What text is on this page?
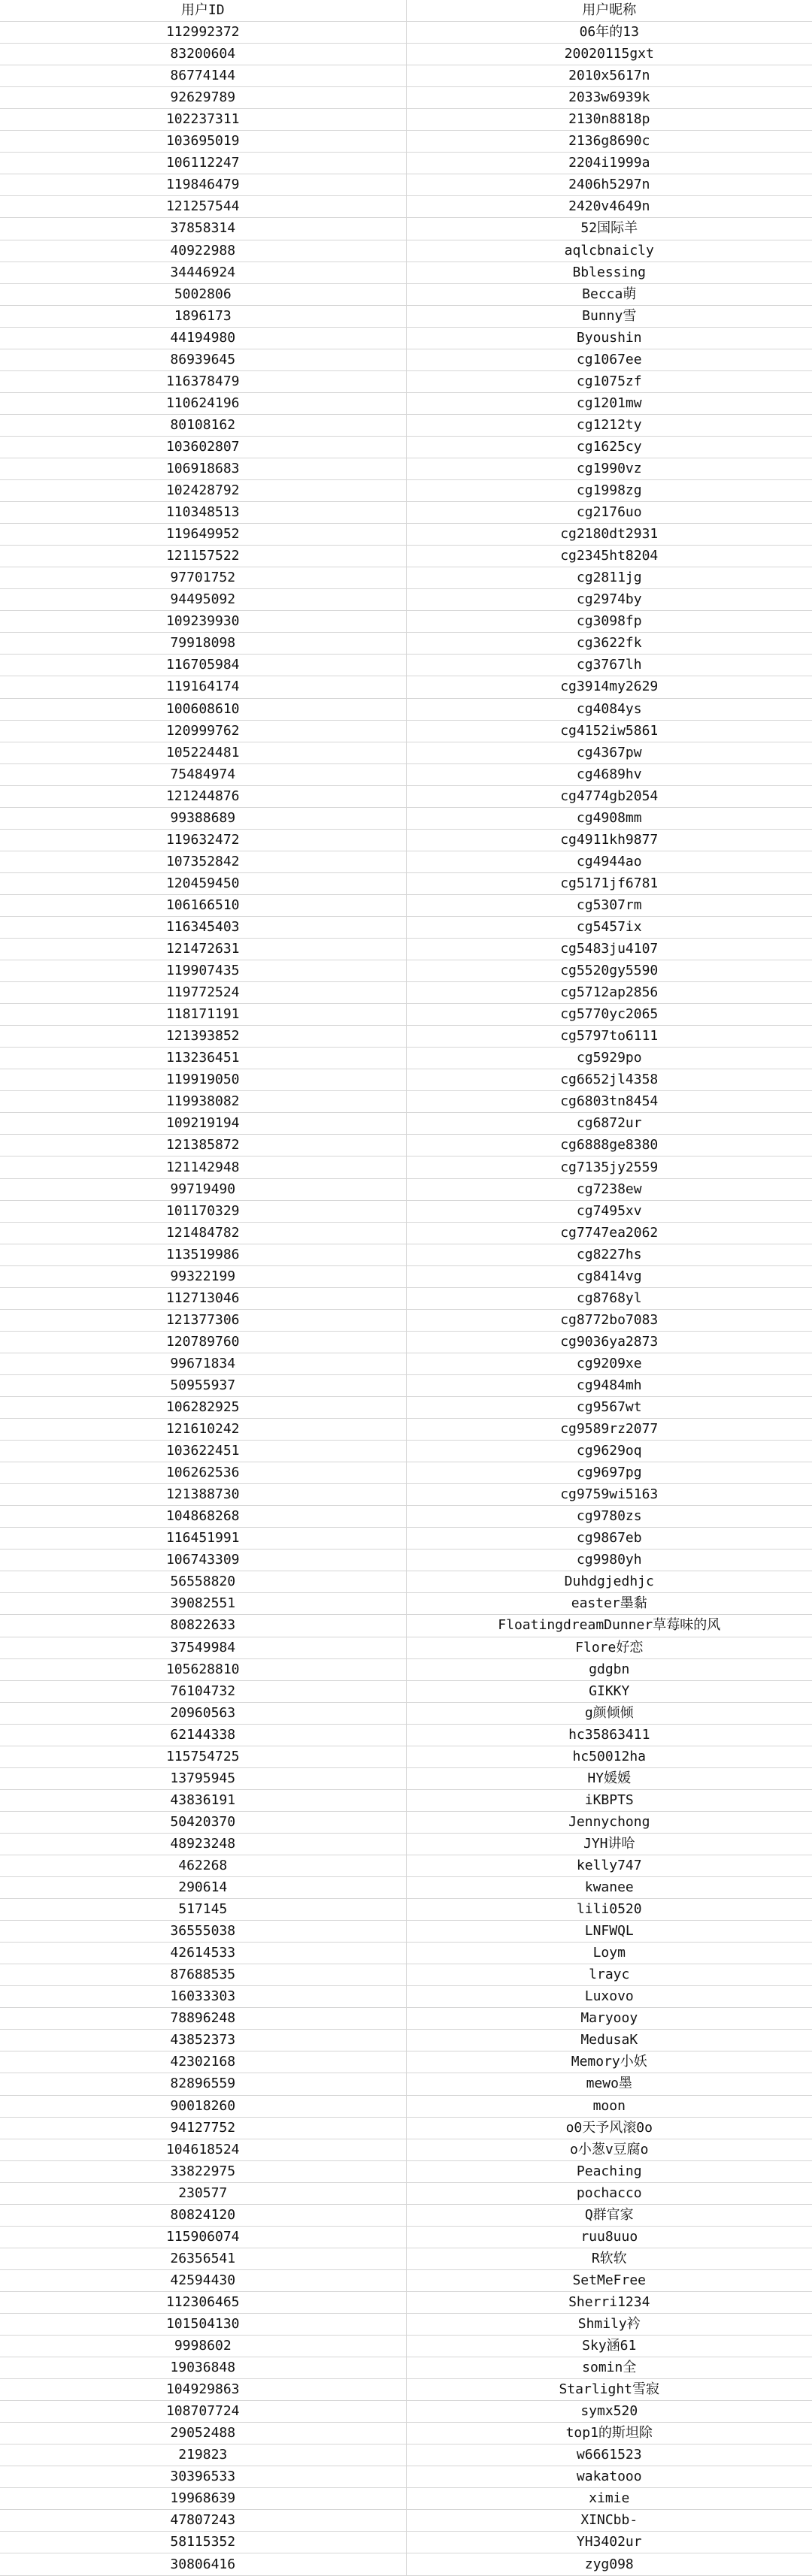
用户ID	用户昵称
112992372	06年的13
83200604	20020115gxt
86774144	2010x5617n
92629789	2033w6939k
102237311	2130n8818p
103695019	2136g8690c
106112247	2204i1999a
119846479	2406h5297n
121257544	2420v4649n
37858314	52国际羊
40922988	aqlcbnaicly
34446924	Bblessing
5002806	Becca萌
1896173	Bunny雪
44194980	Byoushin
86939645	cg1067ee
116378479	cg1075zf
110624196	cg1201mw
80108162	cg1212ty
103602807	cg1625cy
106918683	cg1990vz
102428792	cg1998zg
110348513	cg2176uo
119649952	cg2180dt2931
121157522	cg2345ht8204
97701752	cg2811jg
94495092	cg2974by
109239930	cg3098fp
79918098	cg3622fk
116705984	cg3767lh
119164174	cg3914my2629
100608610	cg4084ys
120999762	cg4152iw5861
105224481	cg4367pw
75484974	cg4689hv
121244876	cg4774gb2054
99388689	cg4908mm
119632472	cg4911kh9877
107352842	cg4944ao
120459450	cg5171jf6781
106166510	cg5307rm
116345403	cg5457ix
121472631	cg5483ju4107
119907435	cg5520gy5590
119772524	cg5712ap2856
118171191	cg5770yc2065
121393852	cg5797to6111
113236451	cg5929po
119919050	cg6652jl4358
119938082	cg6803tn8454
109219194	cg6872ur
121385872	cg6888ge8380
121142948	cg7135jy2559
99719490	cg7238ew
101170329	cg7495xv
121484782	cg7747ea2062
113519986	cg8227hs
99322199	cg8414vg
112713046	cg8768yl
121377306	cg8772bo7083
120789760	cg9036ya2873
99671834	cg9209xe
50955937	cg9484mh
106282925	cg9567wt
121610242	cg9589rz2077
103622451	cg9629oq
106262536	cg9697pg
121388730	cg9759wi5163
104868268	cg9780zs
116451991	cg9867eb
106743309	cg9980yh
56558820	Duhdgjedhjc
39082551	easter墨黏
80822633	FloatingdreamDunner草莓味的风
37549984	Flore好恋
105628810	gdgbn
76104732	GIKKY
20960563	g颜倾倾
62144338	hc35863411
115754725	hc50012ha
13795945	HY媛媛
43836191	iKBPTS
50420370	Jennychong
48923248	JYH讲哈
462268	kelly747
290614	kwanee
517145	lili0520
36555038	LNFWQL
42614533	Loym
87688535	lrayc
16033303	Luxovo
78896248	Maryooy
43852373	MedusaK
42302168	Memory小妖
82896559	mewo墨
90018260	moon
94127752	o0天予风滚0o
104618524	o小葱v豆腐o
33822975	Peaching
230577	pochacco
80824120	Q群官家
115906074	ruu8uuo
26356541	R软软
42594430	SetMeFree
112306465	Sherri1234
101504130	Shmily衿
9998602	Sky涵61
19036848	somin全
104929863	Starlight雪寂
108707724	symx520
29052488	top1的斯坦除
219823	w6661523
30396533	wakatooo
19968639	ximie
47807243	XINCbb-
58115352	YH3402ur
30806416	zyg098
